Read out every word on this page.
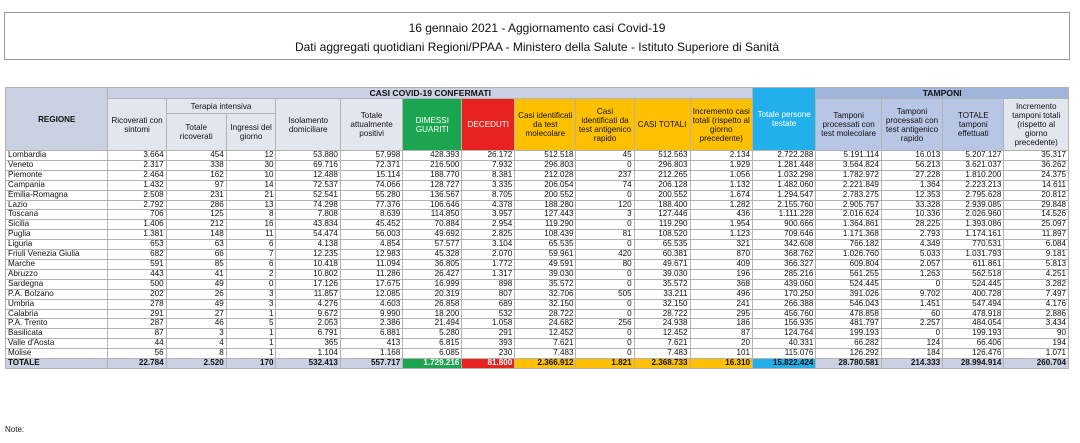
16 gennaio 2021 - Aggiornamento casi Covid-19
Dati aggregati quotidiani Regioni/PPAA - Ministero della Salute - Istituto Superiore di Sanità
REGIONE	CASI COVID-19 CONFERMATI											Totale persone testate	TAMPONI			
	Ricoverati con sintomi	Terapia intensiva		Isolamento domiciliare	Totale attualmente positivi	DIMESSI GUARITI	DECEDUTI	Casi identificati da test molecolare	Casi identificati da test antigenico rapido	CASI TOTALI	Incremento casi totali (rispetto al giorno precedente)		Tamponi processati con test molecolare	Tamponi processati con test antigenico rapido	TOTALE tamponi effettuati	Incremento tamponi totali (rispetto al giorno precedente)
		Totale ricoverati	Ingressi del giorno													
Lombardia	3.664	454	12	53.880	57.998	428.393	26.172	512.518	45	512.563	2.134	2.722.288	5.191.114	16.013	5.207.127	35.317
Veneto	2.317	338	30	69.716	72.371	216.500	7.932	296.803	0	296.803	1.929	1.281.448	3.564.824	56.213	3.621.037	36.262
Piemonte	2.464	162	10	12.488	15.114	188.770	8.381	212.028	237	212.265	1.056	1.032.298	1.782.972	27.228	1.810.200	24.375
Campania	1.432	97	14	72.537	74.066	128.727	3.335	206.054	74	206.128	1.132	1.482.060	2.221.849	1.364	2.223.213	14.611
Emilia-Romagna	2.508	231	21	52.541	55.280	136.567	8.705	200.552	0	200.552	1.674	1.294.547	2.783.275	12.353	2.795.628	20.812
Lazio	2.792	286	13	74.298	77.376	106.646	4.378	188.280	120	188.400	1.282	2.155.760	2.905.757	33.328	2.939.085	29.848
Toscana	706	125	8	7.808	8.639	114.850	3.957	127.443	3	127.446	436	1.111.228	2.016.624	10.336	2.026.960	14.526
Sicilia	1.406	212	16	43.834	45.452	70.884	2.954	119.290	0	119.290	1.954	900.666	1.364.861	28.225	1.393.086	25.097
Puglia	1.381	148	11	54.474	56.003	49.692	2.825	108.439	81	108.520	1.123	709.646	1.171.368	2.793	1.174.161	11.897
Liguria	653	63	6	4.138	4.854	57.577	3.104	65.535	0	65.535	321	342.608	766.182	4.349	770.531	6.084
Friuli Venezia Giulia	682	66	7	12.235	12.983	45.328	2.070	59.961	420	60.381	870	368.762	1.026.760	5.033	1.031.793	9.181
Marche	591	85	6	10.418	11.094	36.805	1.772	49.591	80	49.671	409	366.327	609.804	2.057	611.861	5.813
Abruzzo	443	41	2	10.802	11.286	26.427	1.317	39.030	0	39.030	196	285.216	561.255	1.263	562.518	4.251
Sardegna	500	49	0	17.126	17.675	16.999	898	35.572	0	35.572	368	439.060	524.445	0	524.445	3.282
P.A. Bolzano	202	26	3	11.857	12.085	20.319	807	32.706	505	33.211	496	170.250	391.026	9.702	400.728	7.497
Umbria	278	49	3	4.276	4.603	26.858	689	32.150	0	32.150	241	266.388	546.043	1.451	547.494	4.176
Calabria	291	27	1	9.672	9.990	18.200	532	28.722	0	28.722	295	456.760	478.858	60	478.918	2.886
P.A. Trento	287	46	5	2.053	2.386	21.494	1.058	24.682	256	24.938	186	156.935	481.797	2.257	484.054	3.434
Basilicata	87	3	1	6.791	6.881	5.280	291	12.452	0	12.452	87	124.764	199.193	0	199.193	90
Valle d'Aosta	44	4	1	365	413	6.815	393	7.621	0	7.621	20	40.331	66.282	124	66.406	194
Molise	56	8	1	1.104	1.168	6.085	230	7.483	0	7.483	101	115.076	126.292	184	126.476	1.071
TOTALE	22.784	2.520	170	532.413	557.717	1.729.216	81.800	2.366.912	1.821	2.368.733	16.310	15.822.424	28.780.581	214.333	28.994.914	260.704
Note:
